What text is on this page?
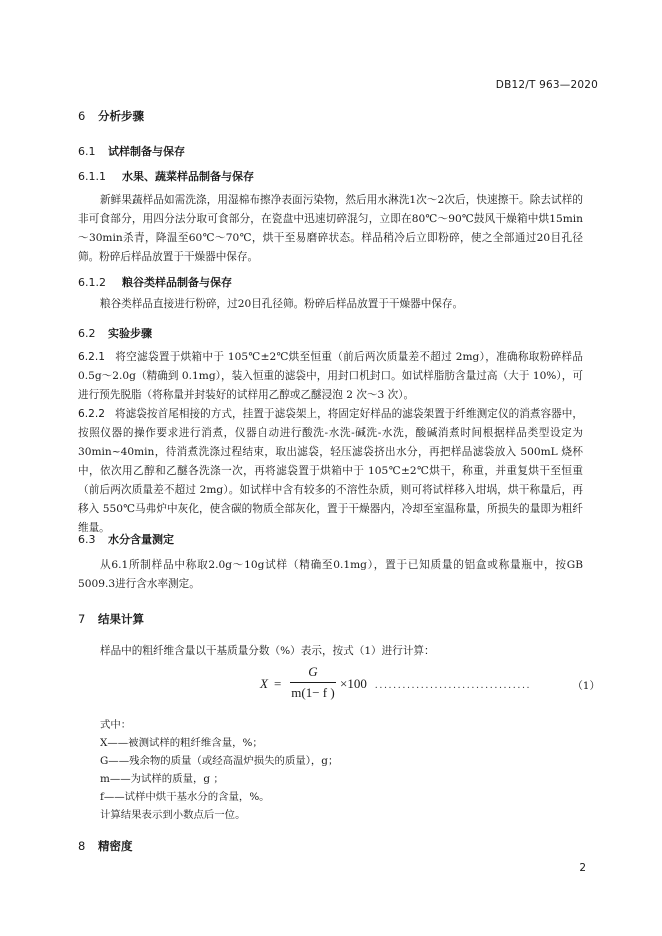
DB12/T 963—2020
6 分析步骤
6.1 试样制备与保存
6.1.1 水果、蔬菜样品制备与保存
新鲜果蔬样品如需洗涤，用湿棉布擦净表面污染物，然后用水淋洗1次～2次后，快速擦干。除去试样的非可食部分，用四分法分取可食部分，在瓷盘中迅速切碎混匀，立即在80℃～90℃鼓风干燥箱中烘15min～30min杀青，降温至60℃～70℃，烘干至易磨碎状态。样品稍冷后立即粉碎，使之全部通过20目孔径筛。粉碎后样品放置于干燥器中保存。
6.1.2 粮谷类样品制备与保存
粮谷类样品直接进行粉碎，过20目孔径筛。粉碎后样品放置于干燥器中保存。
6.2 实验步骤
6.2.1 将空滤袋置于烘箱中于 105℃±2℃烘至恒重（前后两次质量差不超过 2mg），准确称取粉碎样品 0.5g～2.0g（精确到 0.1mg），装入恒重的滤袋中，用封口机封口。如试样脂肪含量过高（大于 10%），可进行预先脱脂（将称量并封装好的试样用乙醇或乙醚浸泡 2 次～3 次）。
6.2.2 将滤袋按首尾相接的方式，挂置于滤袋架上，将固定好样品的滤袋架置于纤维测定仪的消煮容器中，按照仪器的操作要求进行消煮，仪器自动进行酸洗-水洗-碱洗-水洗，酸碱消煮时间根据样品类型设定为 30min~40min，待消煮洗涤过程结束，取出滤袋，轻压滤袋挤出水分，再把样品滤袋放入 500mL 烧杯中，依次用乙醇和乙醚各洗涤一次，再将滤袋置于烘箱中于 105℃±2℃烘干，称重，并重复烘干至恒重（前后两次质量差不超过 2mg）。如试样中含有较多的不溶性杂质，则可将试样移入坩埚，烘干称量后，再移入 550℃马弗炉中灰化，使含碳的物质全部灰化，置于干燥器内，冷却至室温称量，所损失的量即为粗纤维量。
6.3 水分含量测定
从6.1所制样品中称取2.0g～10g试样（精确至0.1mg），置于已知质量的铝盒或称量瓶中，按GB 5009.3进行含水率测定。
7 结果计算
样品中的粗纤维含量以干基质量分数（%）表示，按式（1）进行计算：
X =
G
m(1− f )
×100 ..................................	（1）
式中：
X——被测试样的粗纤维含量，%；
G——残余物的质量（或经高温炉损失的质量），g；
m——为试样的质量，g ；
f——试样中烘干基水分的含量，%。
计算结果表示到小数点后一位。
8 精密度
2
